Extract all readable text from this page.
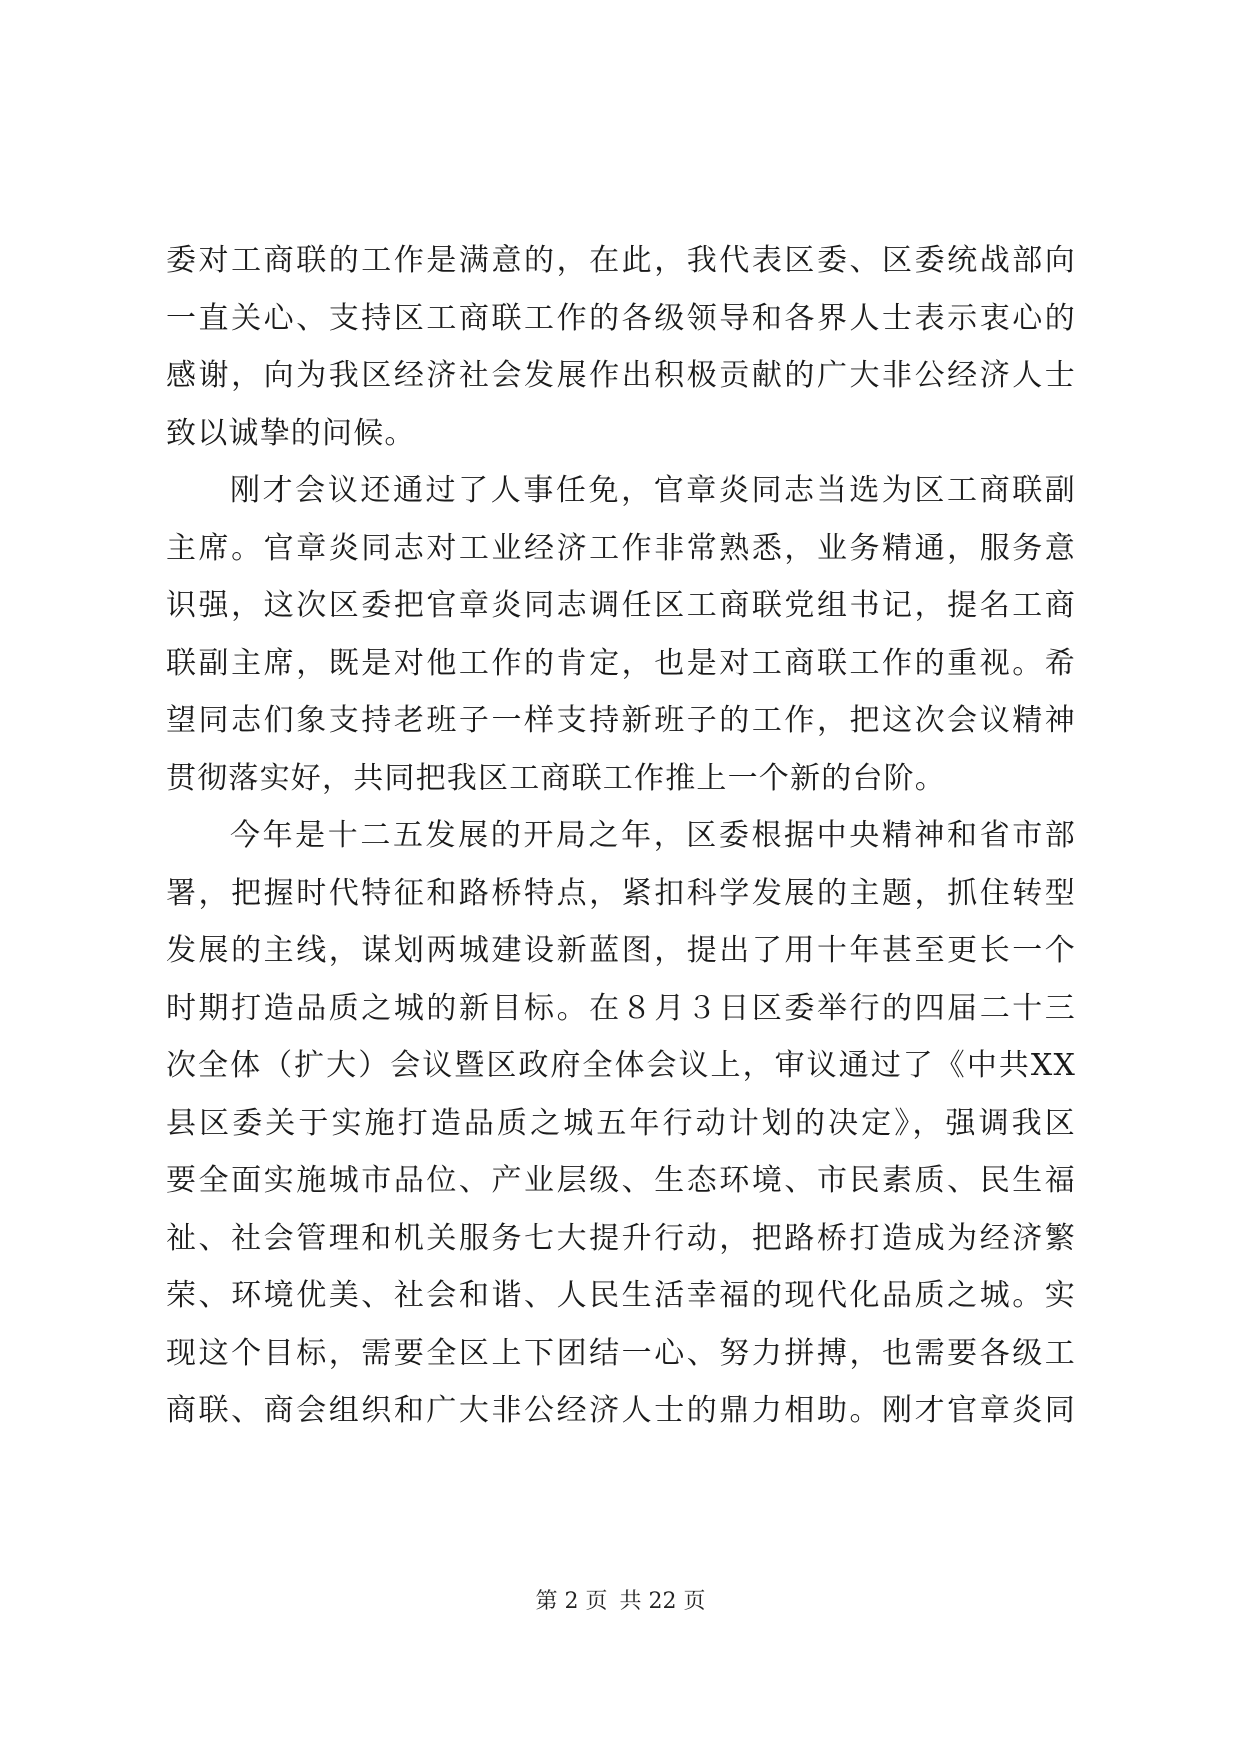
委对工商联的工作是满意的，在此，我代表区委、区委统战部向
一直关心、支持区工商联工作的各级领导和各界人士表示衷心的
感谢，向为我区经济社会发展作出积极贡献的广大非公经济人士
致以诚挚的问候。
刚才会议还通过了人事任免，官章炎同志当选为区工商联副
主席。官章炎同志对工业经济工作非常熟悉，业务精通，服务意
识强，这次区委把官章炎同志调任区工商联党组书记，提名工商
联副主席，既是对他工作的肯定，也是对工商联工作的重视。希
望同志们象支持老班子一样支持新班子的工作，把这次会议精神
贯彻落实好，共同把我区工商联工作推上一个新的台阶。
今年是十二五发展的开局之年，区委根据中央精神和省市部
署，把握时代特征和路桥特点，紧扣科学发展的主题，抓住转型
发展的主线，谋划两城建设新蓝图，提出了用十年甚至更长一个
时期打造品质之城的新目标。在８月３日区委举行的四届二十三
次全体（扩大）会议暨区政府全体会议上，审议通过了《中共XX
县区委关于实施打造品质之城五年行动计划的决定》，强调我区
要全面实施城市品位、产业层级、生态环境、市民素质、民生福
祉、社会管理和机关服务七大提升行动，把路桥打造成为经济繁
荣、环境优美、社会和谐、人民生活幸福的现代化品质之城。实
现这个目标，需要全区上下团结一心、努力拼搏，也需要各级工
商联、商会组织和广大非公经济人士的鼎力相助。刚才官章炎同
第 2 页 共 22 页
